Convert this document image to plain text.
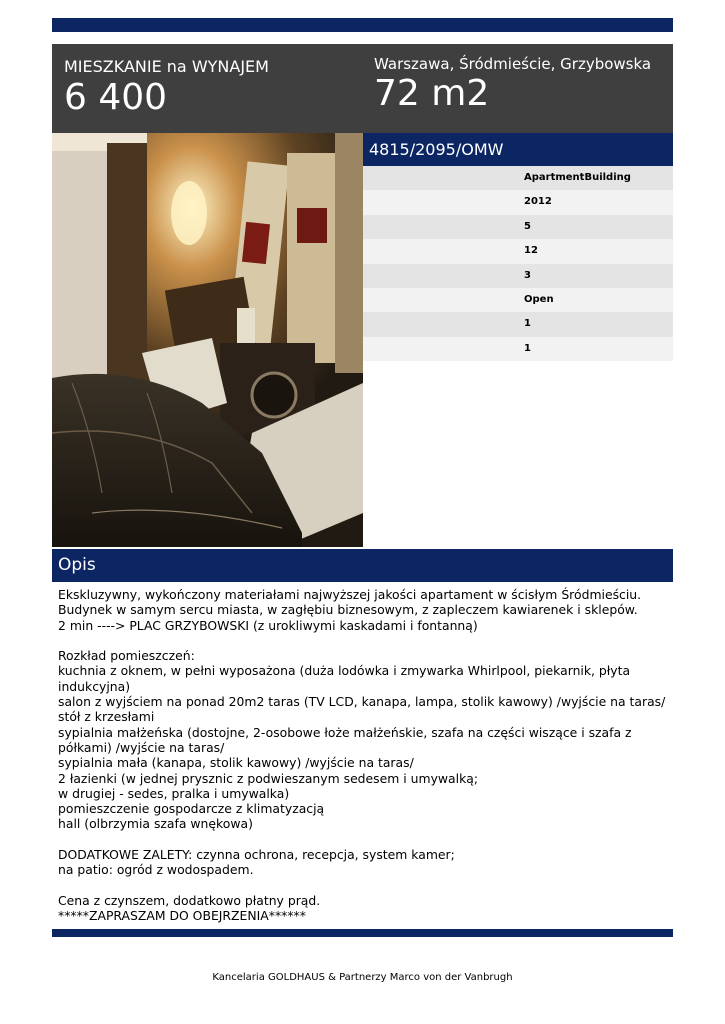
MIESZKANIE na WYNAJEM
6 400
Warszawa, Śródmieście, Grzybowska
72 m2
4815/2095/OMW
ApartmentBuilding
2012
5
12
3
Open
1
1
Opis

Ekskluzywny, wykończony materiałami najwyższej jakości apartament w ścisłym Śródmieściu.

Budynek w samym sercu miasta, w zagłębiu biznesowym, z zapleczem kawiarenek i sklepów.

2 min ----> PLAC GRZYBOWSKI (z urokliwymi kaskadami i fontanną)

Rozkład pomieszczeń:

kuchnia z oknem, w pełni wyposażona (duża lodówka i zmywarka Whirlpool, piekarnik, płyta

indukcyjna)

salon z wyjściem na ponad 20m2 taras (TV LCD, kanapa, lampa, stolik kawowy) /wyjście na taras/

stół z krzesłami

sypialnia małżeńska (dostojne, 2-osobowe łoże małżeńskie, szafa na części wiszące i szafa z

półkami) /wyjście na taras/

sypialnia mała (kanapa, stolik kawowy) /wyjście na taras/

2 łazienki (w jednej prysznic z podwieszanym sedesem i umywalką;

w drugiej - sedes, pralka i umywalka)

pomieszczenie gospodarcze z klimatyzacją

hall (olbrzymia szafa wnękowa)

DODATKOWE ZALETY: czynna ochrona, recepcja, system kamer;

na patio: ogród z wodospadem.

Cena z czynszem, dodatkowo płatny prąd.

*****ZAPRASZAM DO OBEJRZENIA******

Kancelaria GOLDHAUS & Partnerzy Marco von der Vanbrugh
